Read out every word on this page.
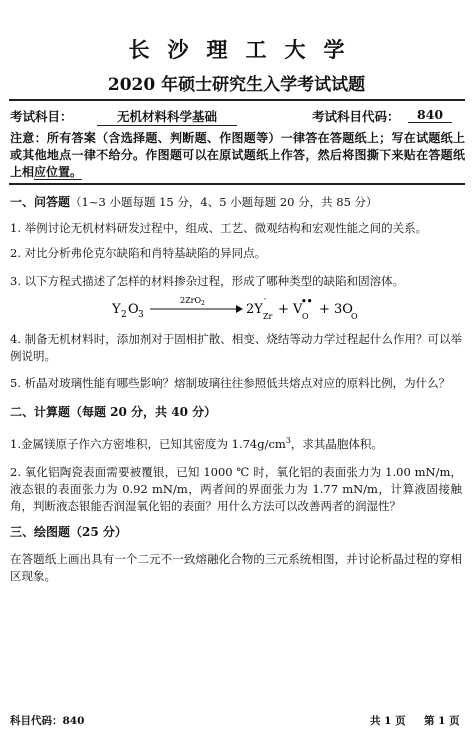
长沙理工大学
2020 年硕士研究生入学考试试题
考试科目：	无机材料科学基础	考试科目代码：	840
注意：所有答案（含选择题、判断题、作图题等）一律答在答题纸上；写在试题纸上或其他地点一律不给分。作图题可以在原试题纸上作答，然后将图撕下来贴在答题纸上相应位置。
一、问答题（1~3 小题每题 15 分，4、5 小题每题 20 分，共 85 分）
1. 举例讨论无机材料研发过程中，组成、工艺、微观结构和宏观性能之间的关系。
2. 对比分析弗伦克尔缺陷和肖特基缺陷的异同点。
3. 以下方程式描述了怎样的材料掺杂过程，形成了哪种类型的缺陷和固溶体。
Y 2 O 3
2ZrO 2	2Y ′
Zr + V
••
O + 3O
O
4. 制备无机材料时，添加剂对于固相扩散、相变、烧结等动力学过程起什么作用？可以举例说明。
5. 析晶对玻璃性能有哪些影响？熔制玻璃往往参照低共熔点对应的原料比例，为什么？
二、计算题（每题 20 分，共 40 分）
1.金属镁原子作六方密堆积，已知其密度为 $1.74g/cm^3$，求其晶胞体积。
2. 氧化铝陶瓷表面需要被覆银，已知 1000 ℃ 时，氧化铝的表面张力为 1.00 mN/m，液态银的表面张力为 0.92 mN/m，两者间的界面张力为 1.77 mN/m，计算液固接触角，判断液态银能否润湿氧化铝的表面？用什么方法可以改善两者的润湿性？
三、绘图题（25 分）
在答题纸上画出具有一个二元不一致熔融化合物的三元系统相图，并讨论析晶过程的穿相区现象。
科目代码：840	共 1 页 第 1 页
